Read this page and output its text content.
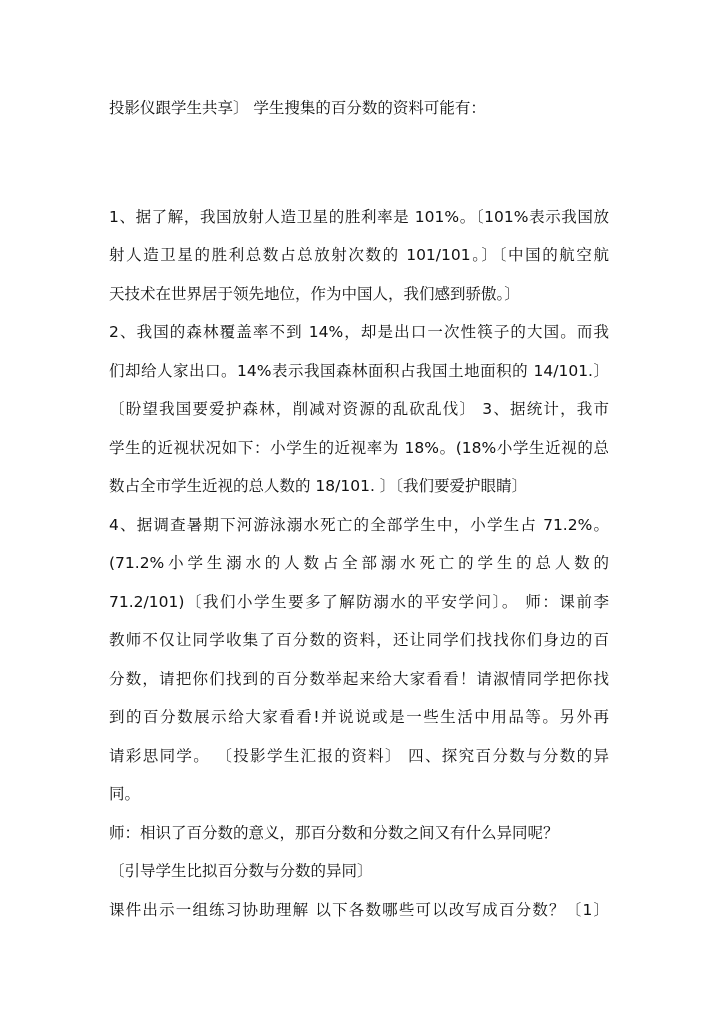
投影仪跟学生共享〕 学生搜集的百分数的资料可能有：
1、据了解，我国放射人造卫星的胜利率是 101%。〔101%表示我国放
射人造卫星的胜利总数占总放射次数的 101/101。〕〔中国的航空航
天技术在世界居于领先地位，作为中国人，我们感到骄傲。〕
2、我国的森林覆盖率不到 14%，却是出口一次性筷子的大国。而我
们却给人家出口。14%表示我国森林面积占我国土地面积的 14/101.〕
〔盼望我国要爱护森林，削减对资源的乱砍乱伐〕 3、据统计，我市
学生的近视状况如下：小学生的近视率为 18%。(18%小学生近视的总
数占全市学生近视的总人数的 18/101. 〕〔我们要爱护眼睛〕
4、据调查暑期下河游泳溺水死亡的全部学生中，小学生占 71.2%。
(71.2%小学生溺水的人数占全部溺水死亡的学生的总人数的
71.2/101)〔我们小学生要多了解防溺水的平安学问〕。 师：课前李
教师不仅让同学收集了百分数的资料，还让同学们找找你们身边的百
分数，请把你们找到的百分数举起来给大家看看！请淑情同学把你找
到的百分数展示给大家看看!并说说或是一些生活中用品等。另外再
请彩思同学。 〔投影学生汇报的资料〕 四、探究百分数与分数的异
同。
师：相识了百分数的意义，那百分数和分数之间又有什么异同呢？
〔引导学生比拟百分数与分数的异同〕
课件出示一组练习协助理解 以下各数哪些可以改写成百分数？〔1〕
